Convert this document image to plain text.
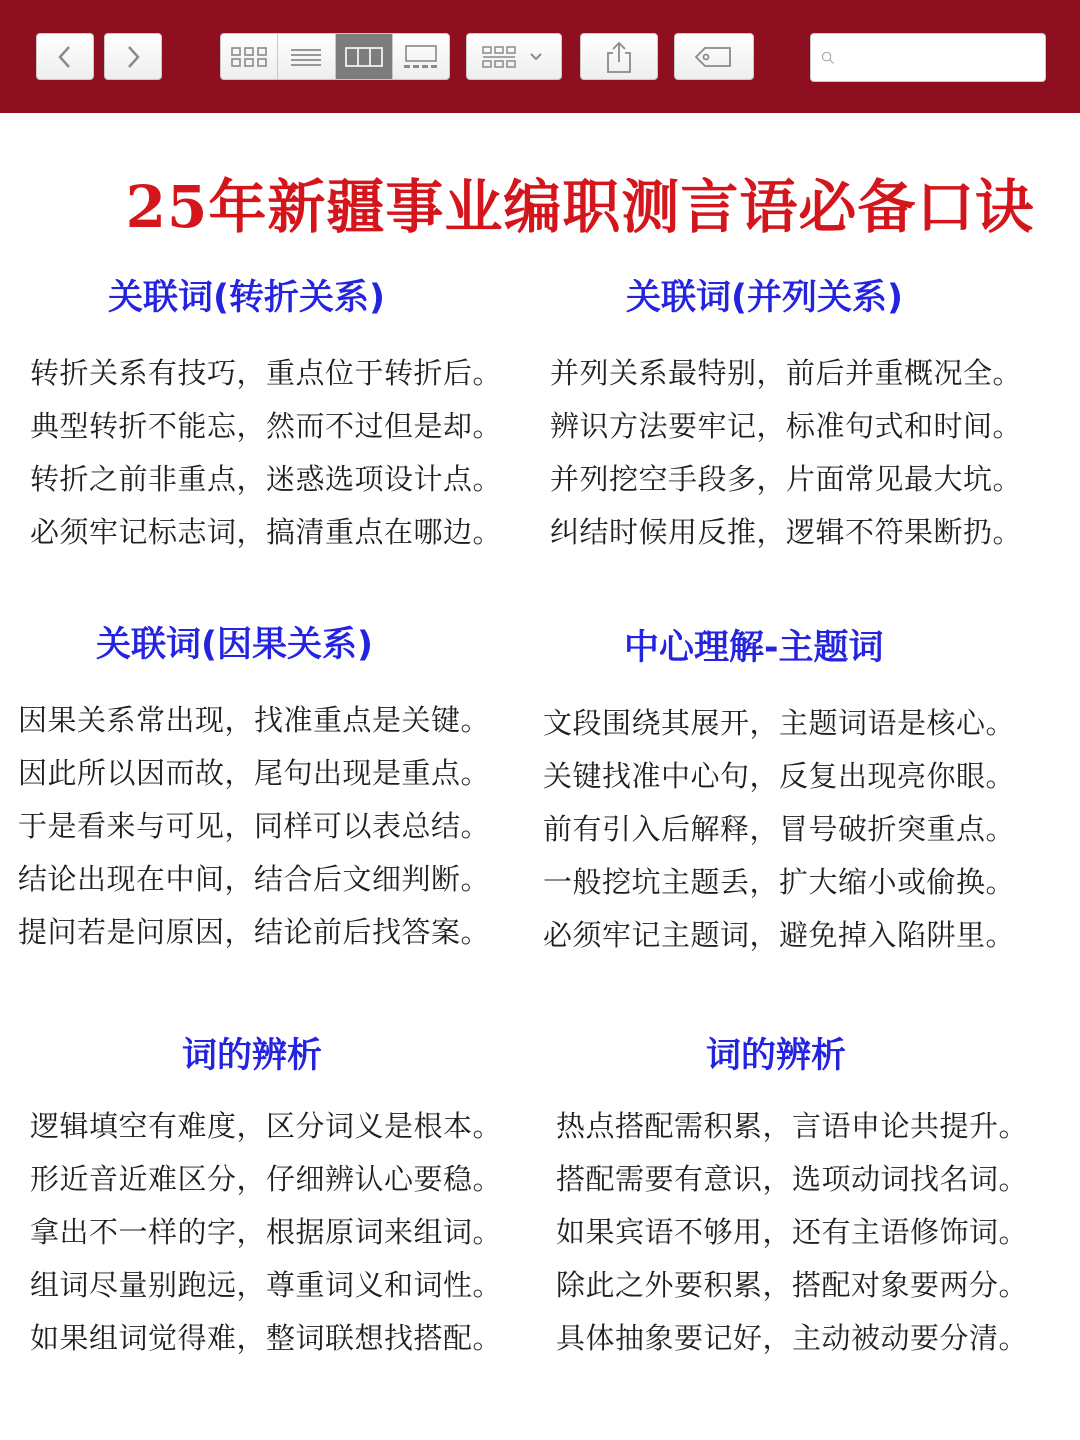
25年新疆事业编职测言语必备口诀
关联词(转折关系)
转折关系有技巧，重点位于转折后。
典型转折不能忘，然而不过但是却。
转折之前非重点，迷惑选项设计点。
必须牢记标志词，搞清重点在哪边。
关联词(并列关系)
并列关系最特别，前后并重概况全。
辨识方法要牢记，标准句式和时间。
并列挖空手段多，片面常见最大坑。
纠结时候用反推，逻辑不符果断扔。
关联词(因果关系)
因果关系常出现，找准重点是关键。
因此所以因而故，尾句出现是重点。
于是看来与可见，同样可以表总结。
结论出现在中间，结合后文细判断。
提问若是问原因，结论前后找答案。
中心理解-主题词
文段围绕其展开，主题词语是核心。
关键找准中心句，反复出现亮你眼。
前有引入后解释，冒号破折突重点。
一般挖坑主题丢，扩大缩小或偷换。
必须牢记主题词，避免掉入陷阱里。
词的辨析
逻辑填空有难度，区分词义是根本。
形近音近难区分，仔细辨认心要稳。
拿出不一样的字，根据原词来组词。
组词尽量别跑远，尊重词义和词性。
如果组词觉得难，整词联想找搭配。
词的辨析
热点搭配需积累，言语申论共提升。
搭配需要有意识，选项动词找名词。
如果宾语不够用，还有主语修饰词。
除此之外要积累，搭配对象要两分。
具体抽象要记好，主动被动要分清。
